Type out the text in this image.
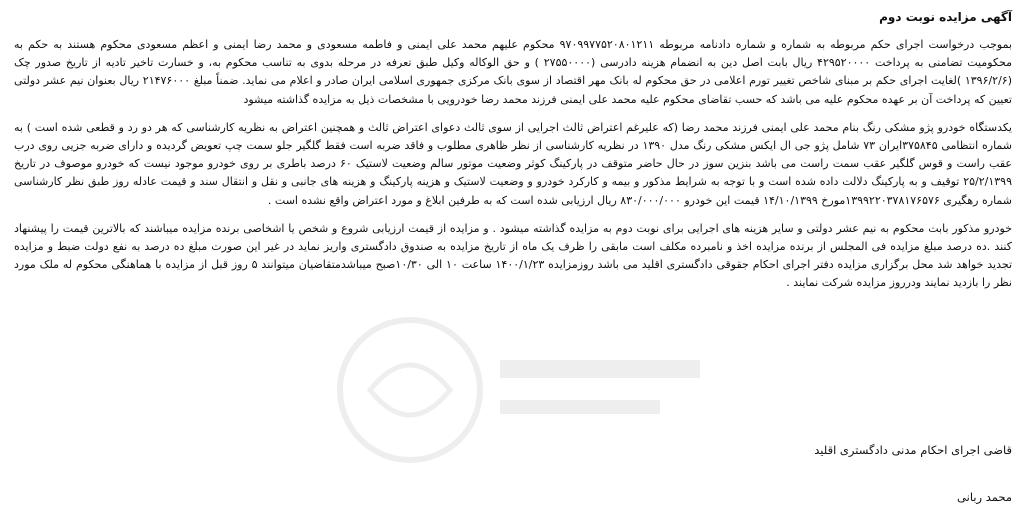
آگهی مزایده نوبت دوم

بموجب درخواست اجرای حکم مربوطه به شماره و شماره دادنامه مربوطه ۹۷۰۹۹۷۷۵۲۰۸۰۱۲۱۱ محکوم علیهم محمد علی ایمنی و فاطمه مسعودی و محمد رضا ایمنی و اعظم مسعودی محکوم هستند به حکم به محکومیت تضامنی به پرداخت ۴۲۹۵۲۰۰۰۰ ریال بابت اصل دین به انضمام هزینه دادرسی (۲۷۵۵۰۰۰۰ ) و حق الوکاله وکیل طبق تعرفه در مرحله بدوی به تناسب محکوم به، و خسارت تاخیر تادیه از تاریخ صدور چک (۱۳۹۶/۲/۶ )لغایت اجرای حکم بر مبنای شاخص تغییر تورم اعلامی در حق محکوم له بانک مهر اقتصاد از سوی بانک مرکزی جمهوری اسلامی ایران صادر و اعلام می نماید. ضمناً مبلغ ۲۱۴۷۶۰۰۰ ریال بعنوان نیم عشر دولتی تعیین که پرداخت آن بر عهده محکوم علیه می باشد که حسب تقاضای محکوم علیه محمد علی ایمنی فرزند محمد رضا خودرویی با مشخصات ذیل به مزایده گذاشته میشود

یکدستگاه خودرو پژو مشکی رنگ بنام محمد علی ایمنی فرزند محمد رضا (که علیرغم اعتراض ثالث اجرایی از سوی ثالث دعوای اعتراض ثالث و همچنین اعتراض به نظریه کارشناسی که هر دو رد و قطعی شده است ) به شماره انتظامی ۳۷۵۸۴۵ایران ۷۳ شامل پژو جی ال ایکس مشکی رنگ مدل ۱۳۹۰ در نظریه کارشناسی از نظر ظاهری مطلوب و فاقد ضربه است فقط گلگیر جلو سمت چپ تعویض گردیده و دارای ضربه جزیی روی درب عقب راست و قوس گلگیر عقب سمت راست می باشد بنزین سوز در حال حاضر متوقف در پارکینگ کوثر وضعیت موتور سالم وضعیت لاستیک ۶۰ درصد باطری بر روی خودرو موجود نیست که خودرو موصوف در تاریخ ۲۵/۲/۱۳۹۹ توقیف و به پارکینگ دلالت داده شده است و با توجه به شرایط مذکور و بیمه و کارکرد خودرو و وضعیت لاستیک و هزینه پارکینگ و هزینه های جانبی و نقل و انتقال سند و قیمت عادله روز طبق نظر کارشناسی شماره رهگیری ۱۳۹۹۲۲۰۳۷۸۱۷۶۵۷۶مورخ ۱۴/۱۰/۱۳۹۹ قیمت این خودرو ۸۳۰/۰۰۰/۰۰۰ ریال ارزیابی شده است که به طرفین ابلاغ و مورد اعتراض واقع نشده است .

خودرو مذکور بابت محکوم به نیم عشر دولتی و سایر هزینه های اجرایی برای نوبت دوم به مزایده گذاشته میشود . و مزایده از قیمت ارزیابی شروع و شخص یا اشخاصی برنده مزایده میباشند که بالاترین قیمت را پیشنهاد کنند .ده درصد مبلغ مزایده فی المجلس از برنده مزایده اخذ و نامبرده مکلف است مابقی را ظرف یک ماه از تاریخ مزایده به صندوق دادگستری واریز نماید در غیر این صورت مبلغ ده درصد به نفع دولت ضبط و مزایده تجدید خواهد شد محل برگزاری مزایده دفتر اجرای احکام جقوقی دادگستری اقلید می باشد روزمزایده ۱۴۰۰/۱/۲۳ ساعت ۱۰ الی ۱۰/۳۰صبح میباشدمتقاضیان میتوانند ۵ روز قبل از مزایده با هماهنگی محکوم له ملک مورد نظر را بازدید نمایند ودرروز مزایده شرکت نمایند .

قاضی اجرای احکام مدنی دادگستری اقلید
محمد ربانی
